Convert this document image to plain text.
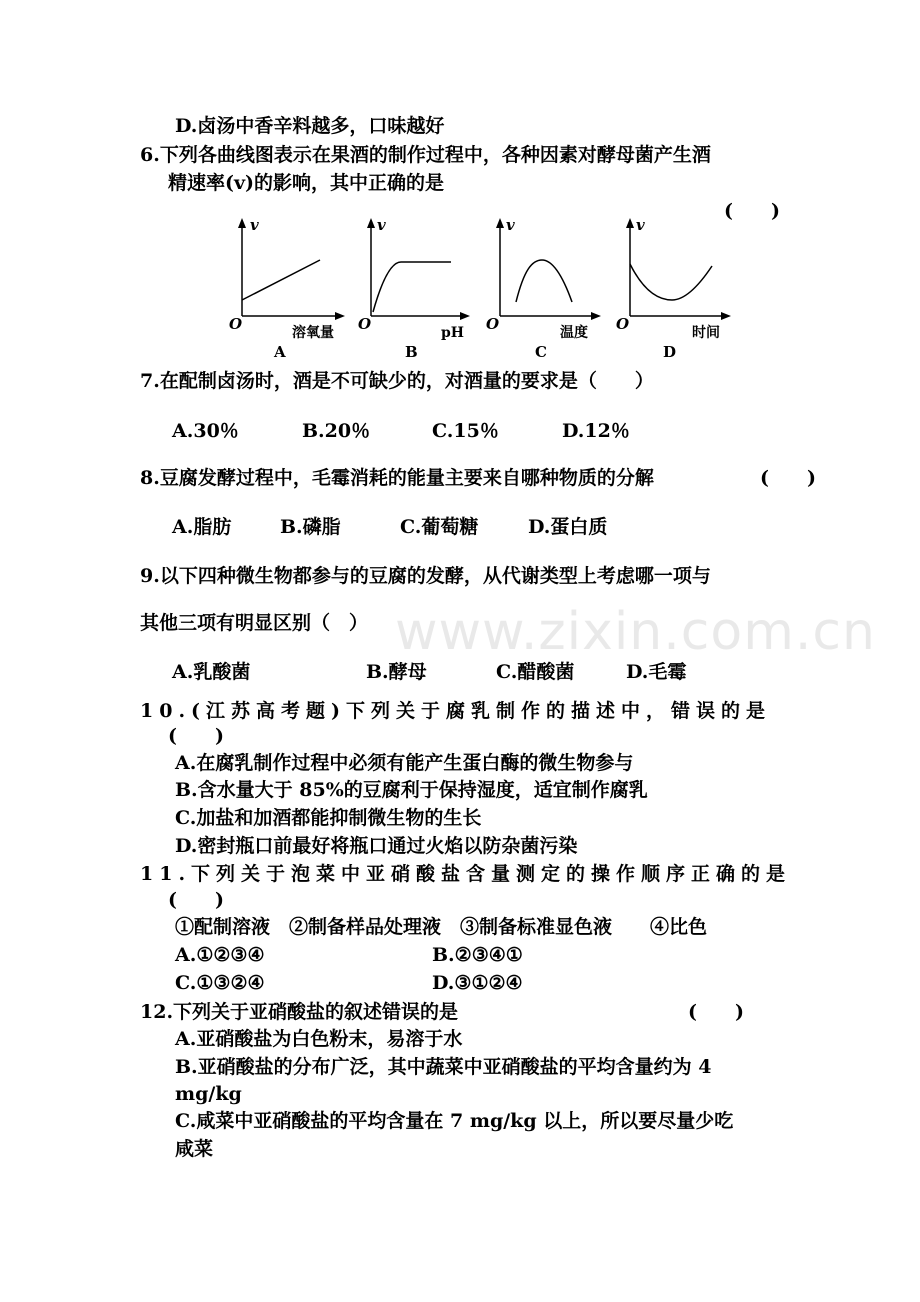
www.zixin.com.cn
D.卤汤中香辛料越多，口味越好
6.下列各曲线图表示在果酒的制作过程中，各种因素对酵母菌产生酒
精速率(v)的影响，其中正确的是
(　　)
v
O	溶氧量
A
v
O	pH
B
v
O	温度
C
v
O	时间
D
7.在配制卤汤时，酒是不可缺少的，对酒量的要求是（　　）
A.30％	B.20％	C.15％	D.12％
8.豆腐发酵过程中，毛霉消耗的能量主要来自哪种物质的分解	(　　)
A.脂肪	B.磷脂	C.葡萄糖	D.蛋白质
9.以下四种微生物都参与的豆腐的发酵，从代谢类型上考虑哪一项与
其他三项有明显区别（　）
A.乳酸菌	B.酵母	C.醋酸菌	D.毛霉
10.(江苏高考题)下列关于腐乳制作的描述中，错误的是
(　　)
A.在腐乳制作过程中必须有能产生蛋白酶的微生物参与
B.含水量大于 85%的豆腐利于保持湿度，适宜制作腐乳
C.加盐和加酒都能抑制微生物的生长
D.密封瓶口前最好将瓶口通过火焰以防杂菌污染
11.下列关于泡菜中亚硝酸盐含量测定的操作顺序正确的是
(　　)
①配制溶液　②制备样品处理液　③制备标准显色液　　④比色
A.①②③④	B.②③④①
C.①③②④	D.③①②④
12.下列关于亚硝酸盐的叙述错误的是	(　　)
A.亚硝酸盐为白色粉末，易溶于水
B.亚硝酸盐的分布广泛，其中蔬菜中亚硝酸盐的平均含量约为 4
mg/kg
C.咸菜中亚硝酸盐的平均含量在 7 mg/kg 以上，所以要尽量少吃
咸菜
